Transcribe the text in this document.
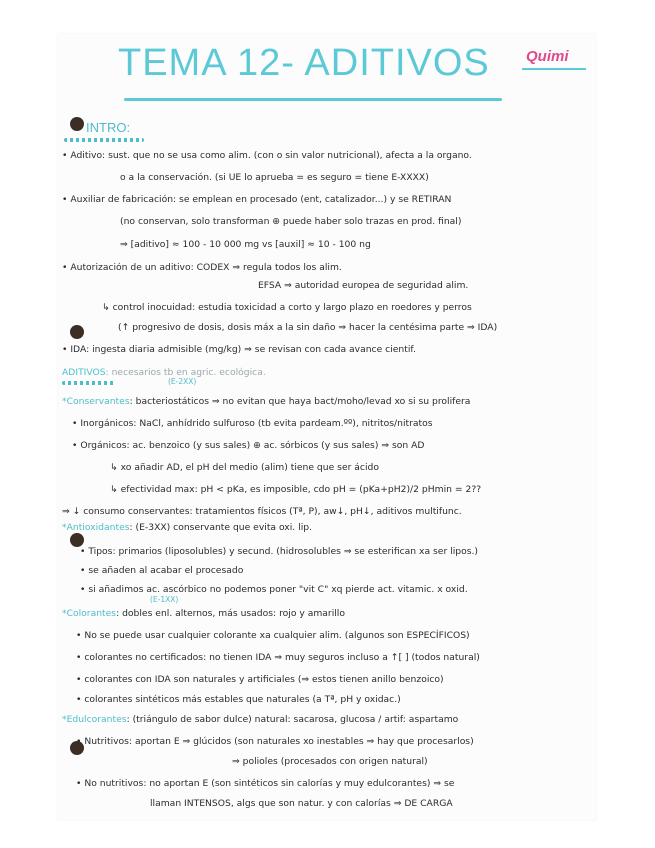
TEMA 12- ADITIVOS Quimi
INTRO:
• Aditivo: sust. que no se usa como alim. (con o sin valor nutricional), afecta a la organo.
o a la conservación. (si UE lo aprueba = es seguro = tiene E-XXXX)
• Auxiliar de fabricación: se emplean en procesado (ent, catalizador...) y se RETIRAN
(no conservan, solo transforman ⊕ puede haber solo trazas en prod. final)
⇒ [aditivo] ≈ 100 - 10 000 mg vs [auxil] ≈ 10 - 100 ng
• Autorización de un aditivo: CODEX ⇒ regula todos los alim.
EFSA ⇒ autoridad europea de seguridad alim.
↳ control inocuidad: estudia toxicidad a corto y largo plazo en roedores y perros
(↑ progresivo de dosis, dosis máx a la sin daño ⇒ hacer la centésima parte ⇒ IDA)
• IDA: ingesta diaria admisible (mg/kg) ⇒ se revisan con cada avance cientif.
ADITIVOS: necesarios tb en agric. ecológica.
$^{(E-2XX)}$
*Conservantes: bacteriostáticos ⇒ no evitan que haya bact/moho/levad xo si su prolifera
• Inorgánicos: NaCl, anhídrido sulfuroso (tb evita pardeam.ºº), nitritos/nitratos
• Orgánicos: ac. benzoico (y sus sales) ⊕ ac. sórbicos (y sus sales) ⇒ son AD
↳ xo añadir AD, el pH del medio (alim) tiene que ser ácido
↳ efectividad max: pH < pKa, es imposible, cdo pH = (pKa+pH2)/2 pHmin = 2??
⇒ ↓ consumo conservantes: tratamientos físicos (Tª, P), aw↓, pH↓, aditivos multifunc.
*Antioxidantes: (E-3XX) conservante que evita oxi. lip.
• Tipos: primarios (liposolubles) y secund. (hidrosolubles ⇒ se esterifican xa ser lipos.)
• se añaden al acabar el procesado
• si añadimos ac. ascórbico no podemos poner "vit C" xq pierde act. vitamic. x oxid.
$^{(E-1XX)}$
*Colorantes: dobles enl. alternos, más usados: rojo y amarillo
• No se puede usar cualquier colorante xa cualquier alim. (algunos son ESPECÍFICOS)
• colorantes no certificados: no tienen IDA ⇒ muy seguros incluso a ↑[ ] (todos natural)
• colorantes con IDA son naturales y artificiales (⇒ estos tienen anillo benzoico)
• colorantes sintéticos más estables que naturales (a Tª, pH y oxidac.)
*Edulcorantes: (triángulo de sabor dulce) natural: sacarosa, glucosa / artif: aspartamo
• Nutritivos: aportan E ⇒ glúcidos (son naturales xo inestables ⇒ hay que procesarlos)
⇒ polioles (procesados con origen natural)
• No nutritivos: no aportan E (son sintéticos sin calorías y muy edulcorantes) ⇒ se
llaman INTENSOS, algs que son natur. y con calorías ⇒ DE CARGA
